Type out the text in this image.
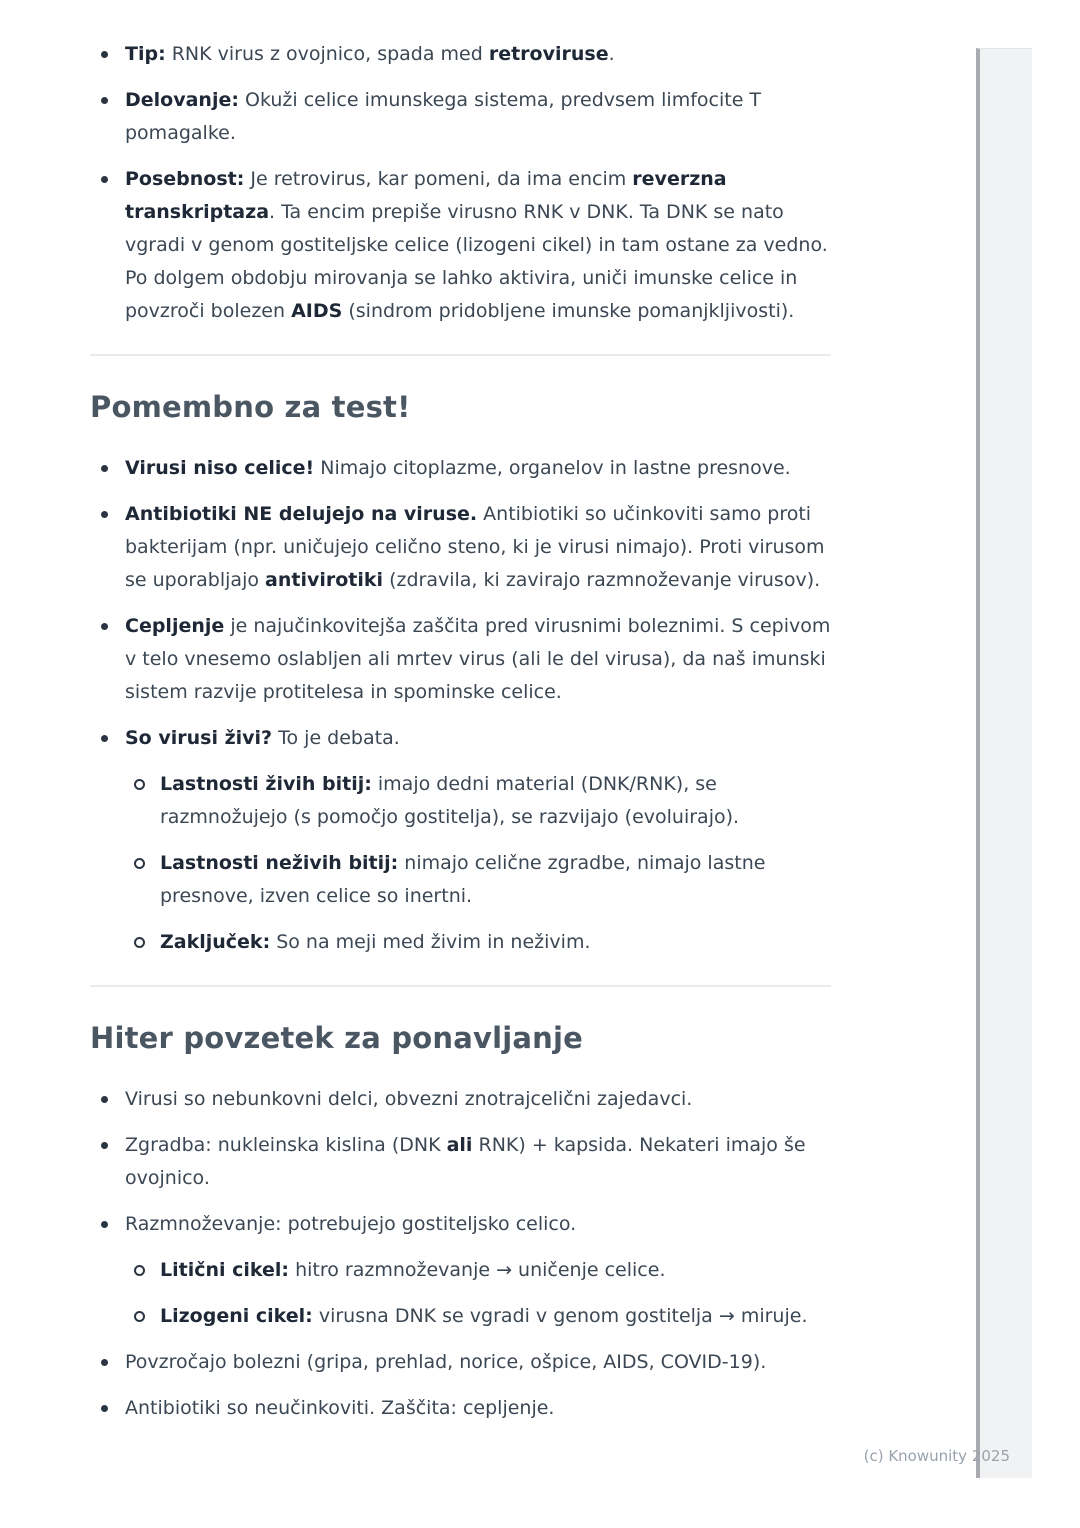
Tip: RNK virus z ovojnico, spada med retroviruse.
Delovanje: Okuži celice imunskega sistema, predvsem limfocite T pomagalke.
Posebnost: Je retrovirus, kar pomeni, da ima encim reverzna transkriptaza. Ta encim prepiše virusno RNK v DNK. Ta DNK se nato vgradi v genom gostiteljske celice (lizogeni cikel) in tam ostane za vedno. Po dolgem obdobju mirovanja se lahko aktivira, uniči imunske celice in povzroči bolezen AIDS (sindrom pridobljene imunske pomanjkljivosti).
Pomembno za test!
Virusi niso celice! Nimajo citoplazme, organelov in lastne presnove.
Antibiotiki NE delujejo na viruse. Antibiotiki so učinkoviti samo proti bakterijam (npr. uničujejo celično steno, ki je virusi nimajo). Proti virusom se uporabljajo antivirotiki (zdravila, ki zavirajo razmnoževanje virusov).
Cepljenje je najučinkovitejša zaščita pred virusnimi boleznimi. S cepivom v telo vnesemo oslabljen ali mrtev virus (ali le del virusa), da naš imunski sistem razvije protitelesa in spominske celice.
So virusi živi? To je debata.
Lastnosti živih bitij: imajo dedni material (DNK/RNK), se razmnožujejo (s pomočjo gostitelja), se razvijajo (evoluirajo).
Lastnosti neživih bitij: nimajo celične zgradbe, nimajo lastne presnove, izven celice so inertni.
Zaključek: So na meji med živim in neživim.
Hiter povzetek za ponavljanje
Virusi so nebunkovni delci, obvezni znotrajcelični zajedavci.
Zgradba: nukleinska kislina (DNK ali RNK) + kapsida. Nekateri imajo še ovojnico.
Razmnoževanje: potrebujejo gostiteljsko celico.
Litični cikel: hitro razmnoževanje → uničenje celice.
Lizogeni cikel: virusna DNK se vgradi v genom gostitelja → miruje.
Povzročajo bolezni (gripa, prehlad, norice, ošpice, AIDS, COVID-19).
Antibiotiki so neučinkoviti. Zaščita: cepljenje.
(c) Knowunity 2025
